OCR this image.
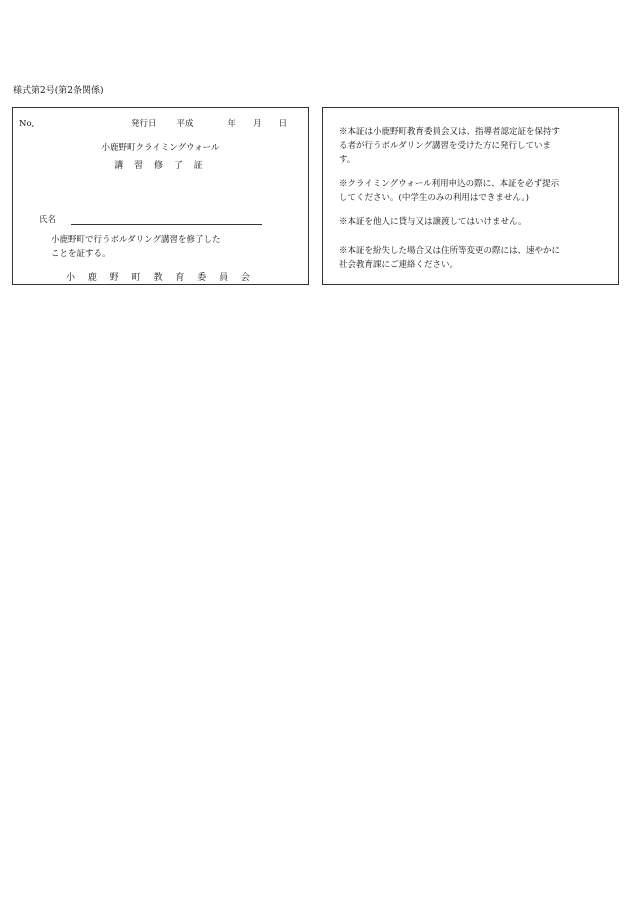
様式第2号(第2条関係)
No,	発行日 平成	年 月 日
小鹿野町クライミングウォール
講 習 修 了 証
氏名
小鹿野町で行うボルダリング講習を修了した
ことを証する。
小 鹿 野 町 教 育 委 員 会
※本証は小鹿野町教育委員会又は、指導者認定証を保持す
る者が行うボルダリング講習を受けた方に発行していま
す。
※クライミングウォール利用申込の際に、本証を必ず提示
してください。(中学生のみの利用はできません。)
※本証を他人に貸与又は譲渡してはいけません。
※本証を紛失した場合又は住所等変更の際には、速やかに
社会教育課にご連絡ください。
